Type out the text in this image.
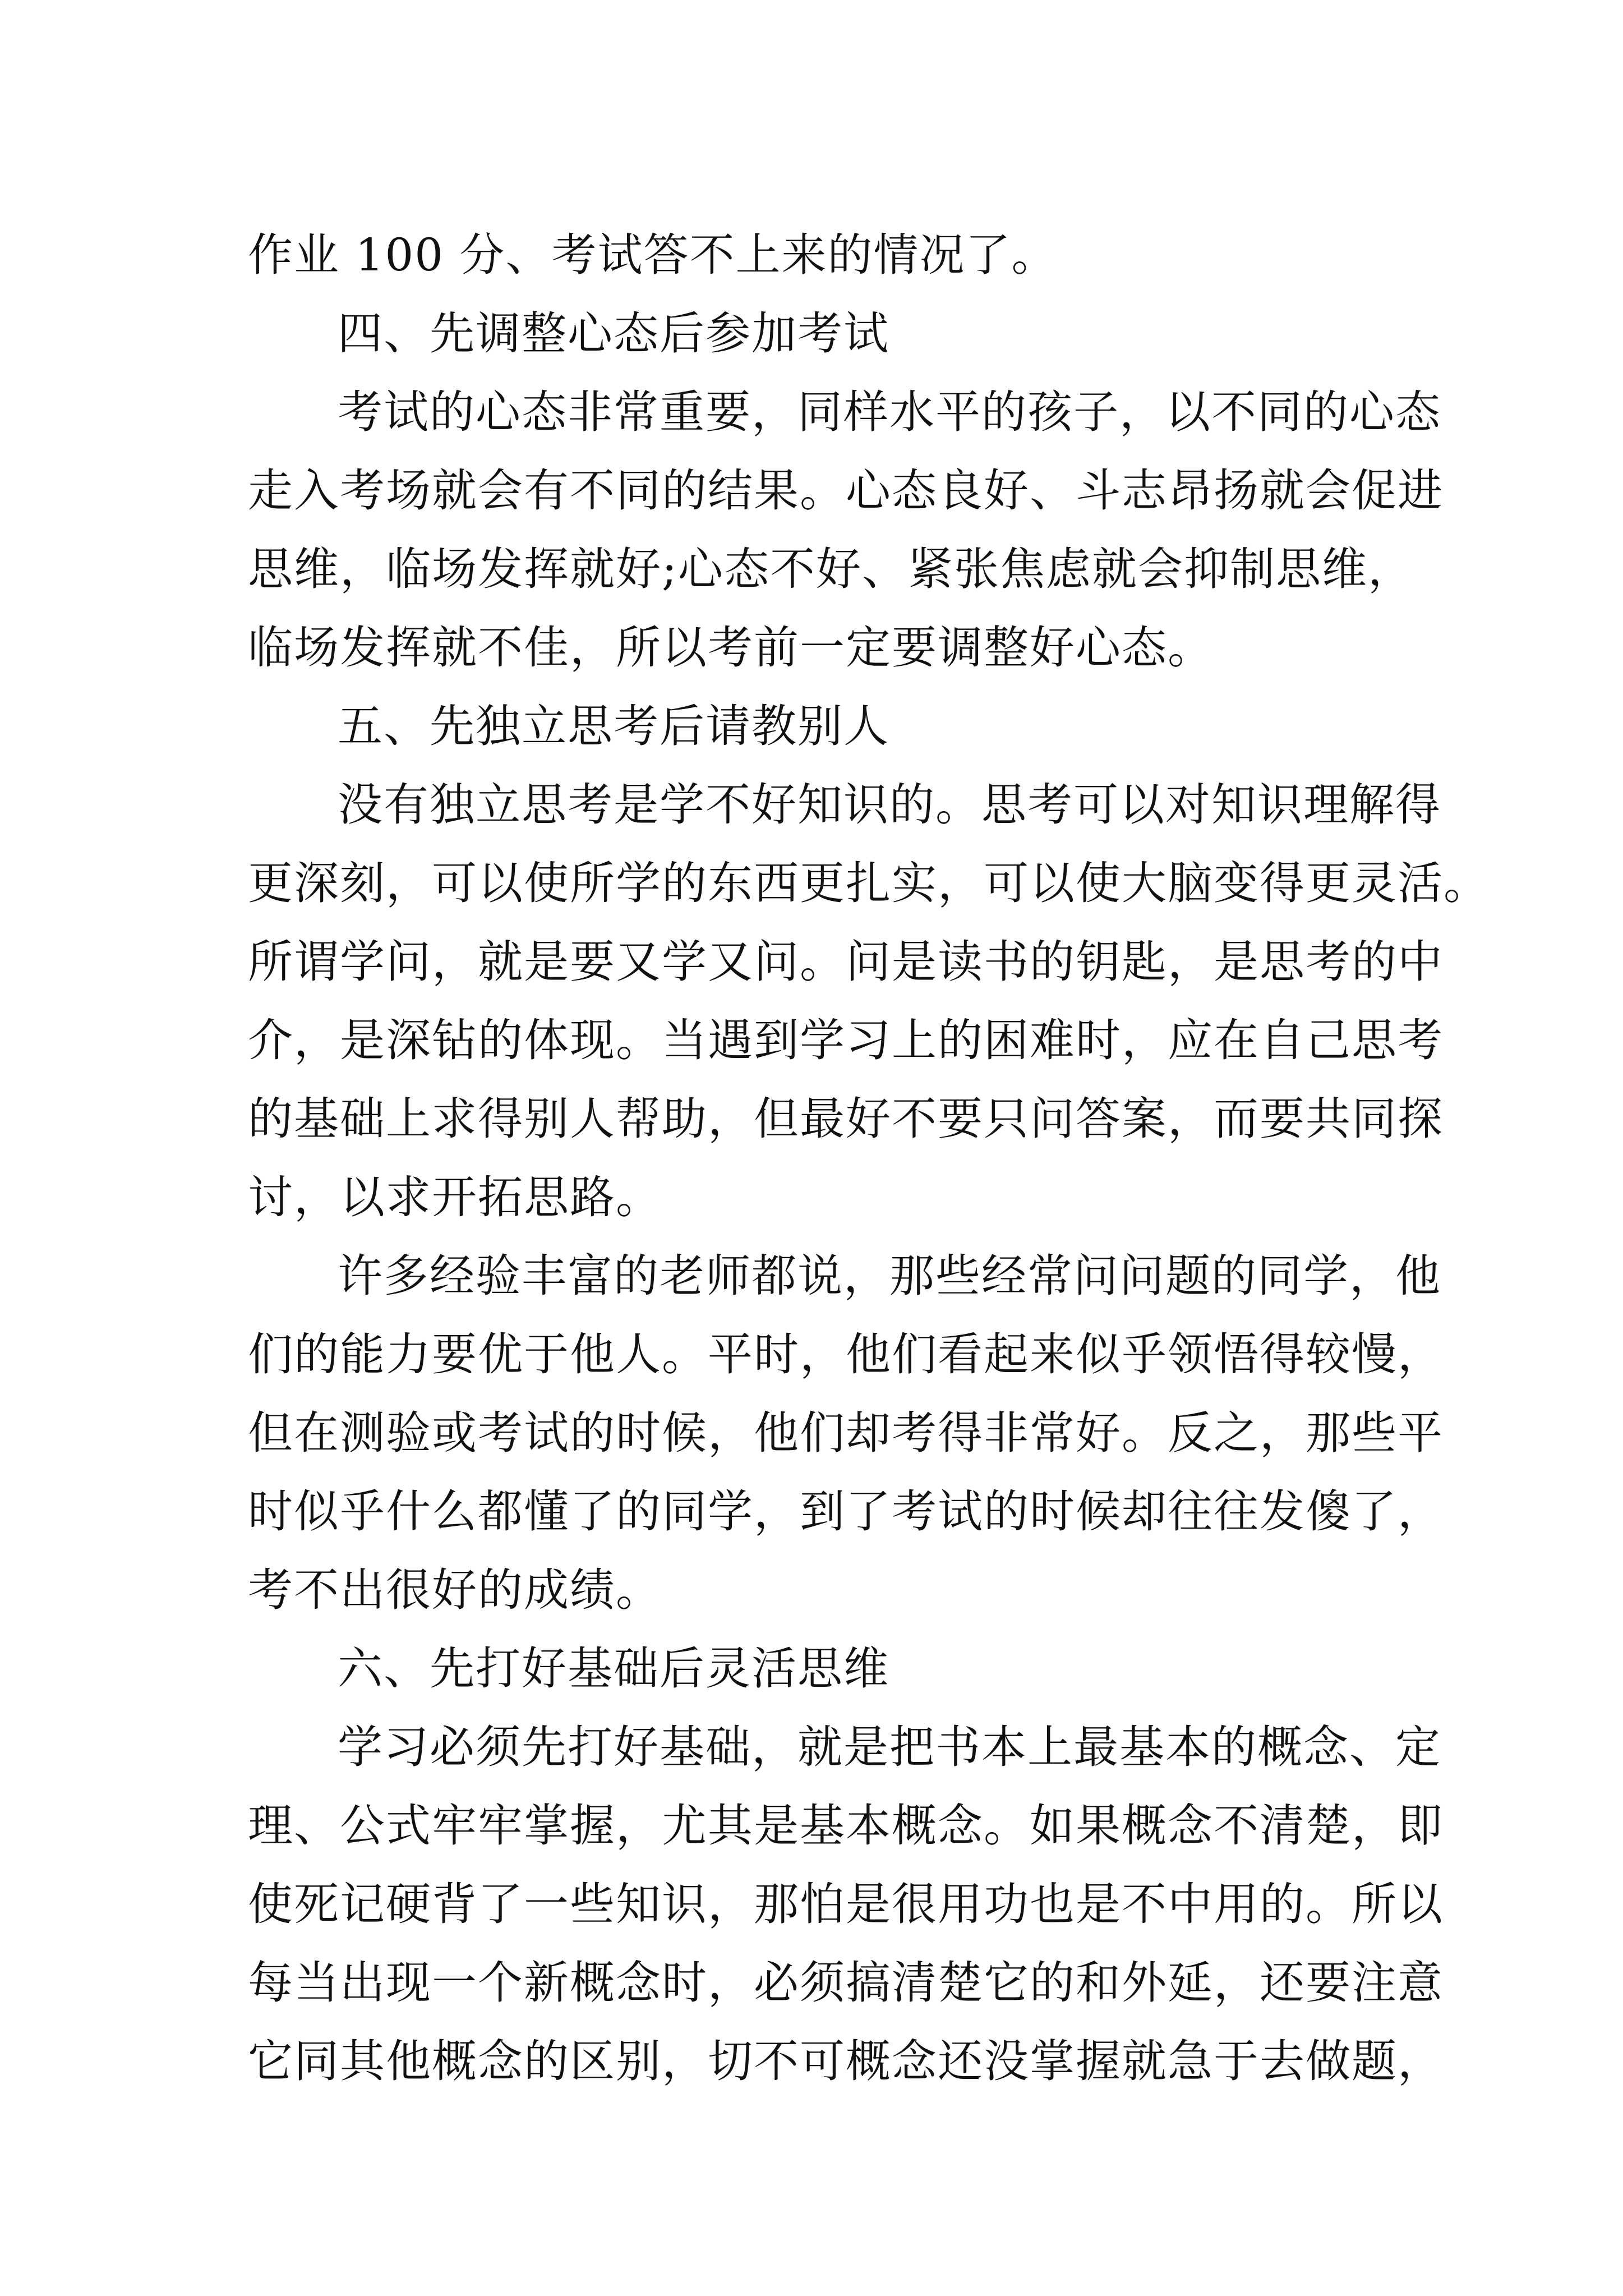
作业 100 分、考试答不上来的情况了。

四、先调整心态后参加考试

考试的心态非常重要，同样水平的孩子，以不同的心态

走入考场就会有不同的结果。心态良好、斗志昂扬就会促进

思维，临场发挥就好;心态不好、紧张焦虑就会抑制思维，

临场发挥就不佳，所以考前一定要调整好心态。

五、先独立思考后请教别人

没有独立思考是学不好知识的。思考可以对知识理解得

更深刻，可以使所学的东西更扎实，可以使大脑变得更灵活。

所谓学问，就是要又学又问。问是读书的钥匙，是思考的中

介，是深钻的体现。当遇到学习上的困难时，应在自己思考

的基础上求得别人帮助，但最好不要只问答案，而要共同探

讨，以求开拓思路。

许多经验丰富的老师都说，那些经常问问题的同学，他

们的能力要优于他人。平时，他们看起来似乎领悟得较慢，

但在测验或考试的时候，他们却考得非常好。反之，那些平

时似乎什么都懂了的同学，到了考试的时候却往往发傻了，

考不出很好的成绩。

六、先打好基础后灵活思维

学习必须先打好基础，就是把书本上最基本的概念、定

理、公式牢牢掌握，尤其是基本概念。如果概念不清楚，即

使死记硬背了一些知识，那怕是很用功也是不中用的。所以

每当出现一个新概念时，必须搞清楚它的和外延，还要注意

它同其他概念的区别，切不可概念还没掌握就急于去做题，
